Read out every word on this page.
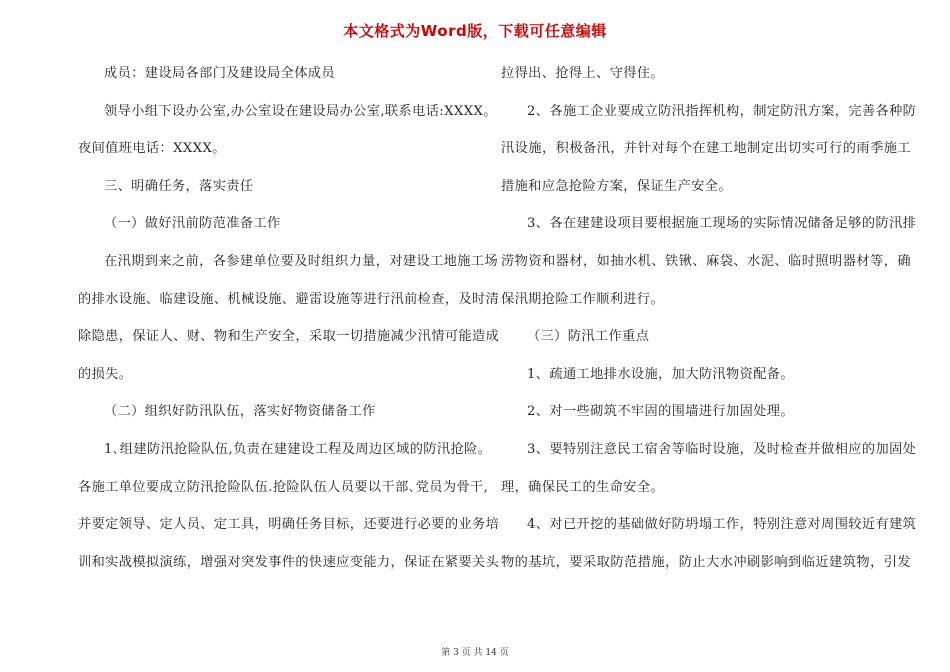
本文格式为Word版，下载可任意编辑
成员：建设局各部门及建设局全体成员
领导小组下设办公室,办公室设在建设局办公室,联系电话:XXXX。
夜间值班电话：XXXX。
三、明确任务，落实责任
（一）做好汛前防范准备工作
在汛期到来之前，各参建单位要及时组织力量，对建设工地施工场
的排水设施、临建设施、机械设施、避雷设施等进行汛前检查，及时清
除隐患，保证人、财、物和生产安全，采取一切措施减少汛情可能造成
的损失。
（二）组织好防汛队伍，落实好物资储备工作
1､组建防汛抢险队伍,负责在建建设工程及周边区域的防汛抢险。
各施工单位要成立防汛抢险队伍.抢险队伍人员要以干部､党员为骨干,
并要定领导、定人员、定工具，明确任务目标，还要进行必要的业务培
训和实战模拟演练，增强对突发事件的快速应变能力，保证在紧要关头
拉得出、抢得上、守得住。
2、各施工企业要成立防汛指挥机构，制定防汛方案，完善各种防
汛设施，积极备汛，并针对每个在建工地制定出切实可行的雨季施工
措施和应急抢险方案，保证生产安全。
3、各在建建设项目要根据施工现场的实际情况储备足够的防汛排
涝物资和器材，如抽水机、铁锹、麻袋、水泥、临时照明器材等，确
保汛期抢险工作顺利进行。
（三）防汛工作重点
1、疏通工地排水设施，加大防汛物资配备。
2、对一些砌筑不牢固的围墙进行加固处理。
3、要特别注意民工宿舍等临时设施，及时检查并做相应的加固处
理，确保民工的生命安全。
4、对已开挖的基础做好防坍塌工作，特别注意对周围较近有建筑
物的基坑，要采取防范措施，防止大水冲刷影响到临近建筑物，引发
第 3 页 共 14 页
